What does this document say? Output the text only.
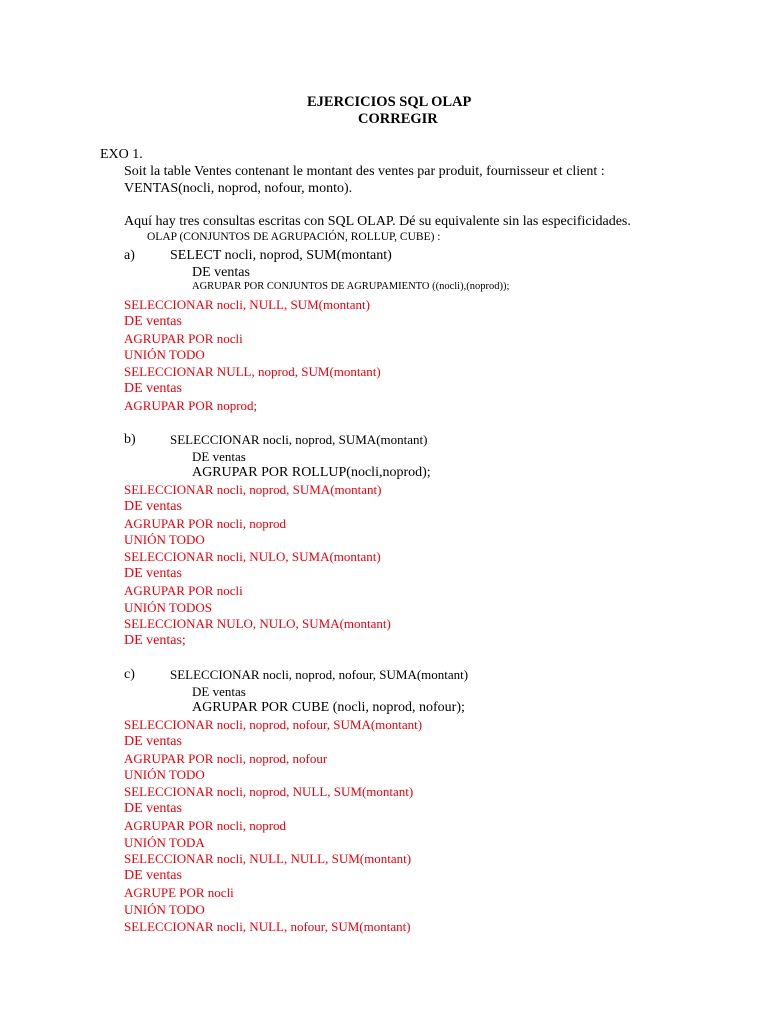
EJERCICIOS SQL OLAP
CORREGIR
EXO 1.
Soit la table Ventes contenant le montant des ventes par produit, fournisseur et client :
VENTAS(nocli, noprod, nofour, monto).
Aquí hay tres consultas escritas con SQL OLAP. Dé su equivalente sin las especificidades.
OLAP (CONJUNTOS DE AGRUPACIÓN, ROLLUP, CUBE) :
a)	SELECT nocli, noprod, SUM(montant)
DE ventas
AGRUPAR POR CONJUNTOS DE AGRUPAMIENTO ((nocli),(noprod));
SELECCIONAR nocli, NULL, SUM(montant)
DE ventas
AGRUPAR POR nocli
UNIÓN TODO
SELECCIONAR NULL, noprod, SUM(montant)
DE ventas
AGRUPAR POR noprod;
b)	SELECCIONAR nocli, noprod, SUMA(montant)
DE ventas
AGRUPAR POR ROLLUP(nocli,noprod);
SELECCIONAR nocli, noprod, SUMA(montant)
DE ventas
AGRUPAR POR nocli, noprod
UNIÓN TODO
SELECCIONAR nocli, NULO, SUMA(montant)
DE ventas
AGRUPAR POR nocli
UNIÓN TODOS
SELECCIONAR NULO, NULO, SUMA(montant)
DE ventas;
c)	SELECCIONAR nocli, noprod, nofour, SUMA(montant)
DE ventas
AGRUPAR POR CUBE (nocli, noprod, nofour);
SELECCIONAR nocli, noprod, nofour, SUMA(montant)
DE ventas
AGRUPAR POR nocli, noprod, nofour
UNIÓN TODO
SELECCIONAR nocli, noprod, NULL, SUM(montant)
DE ventas
AGRUPAR POR nocli, noprod
UNIÓN TODA
SELECCIONAR nocli, NULL, NULL, SUM(montant)
DE ventas
AGRUPE POR nocli
UNIÓN TODO
SELECCIONAR nocli, NULL, nofour, SUM(montant)
